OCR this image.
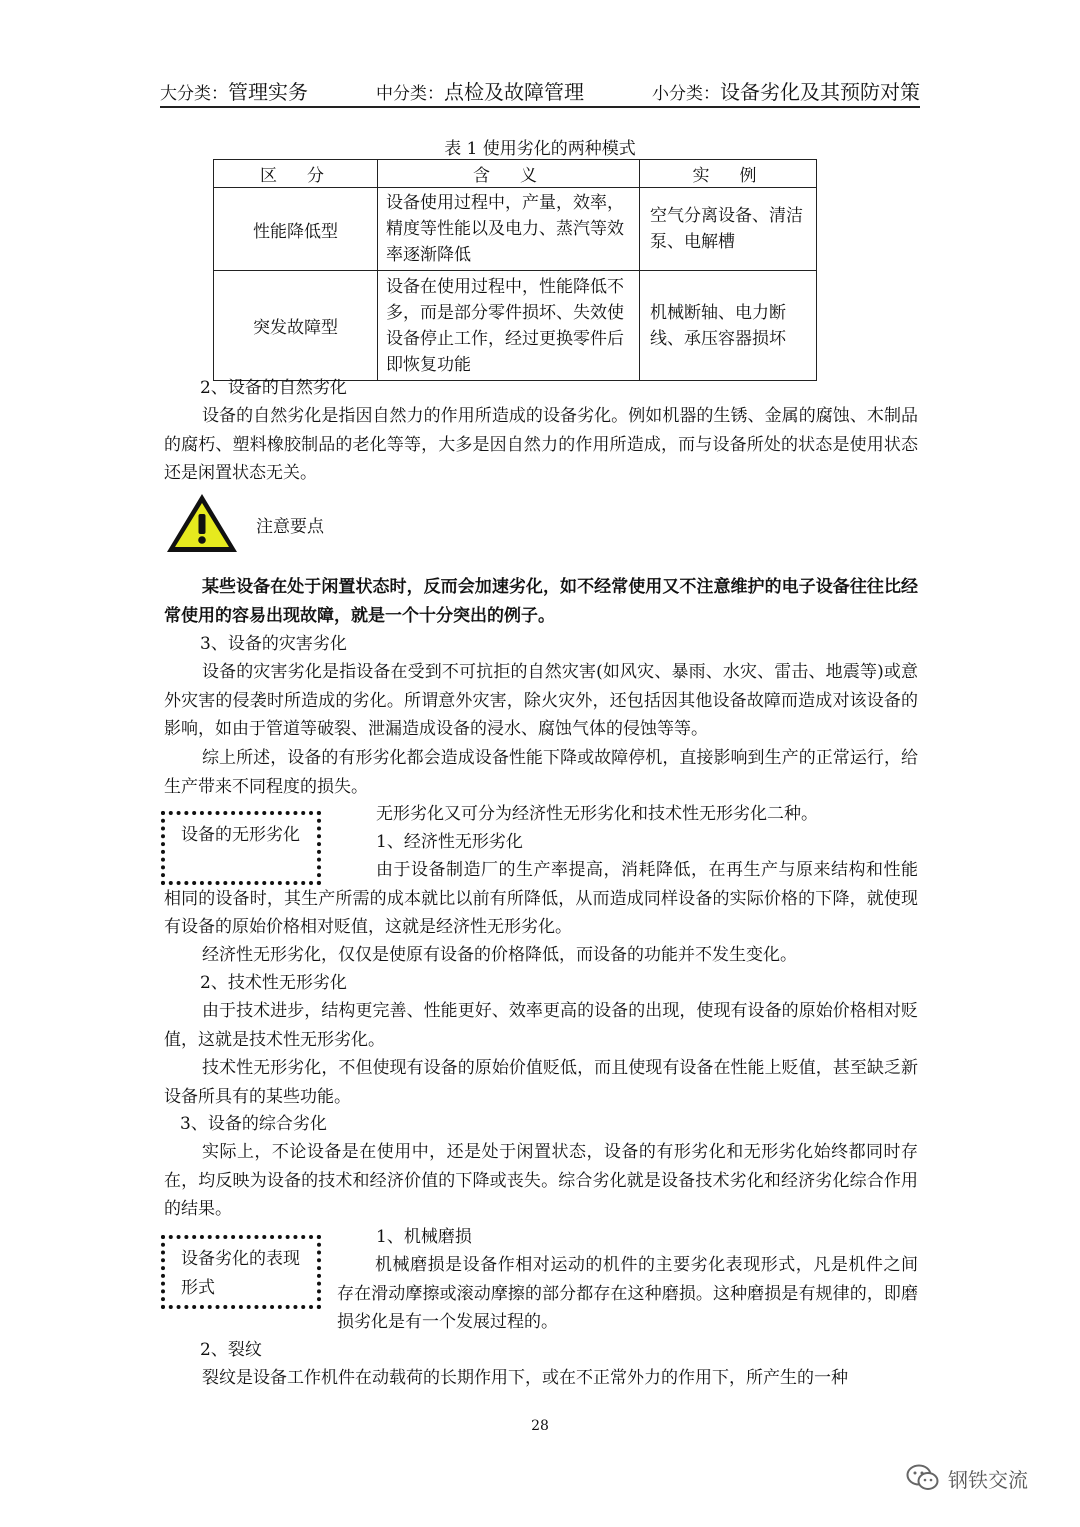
大分类：管理实务	中分类：点检及故障管理	小分类：设备劣化及其预防对策
表 1 使用劣化的两种模式
区分	含义	实例
性能降低型	设备使用过程中，产量，效率，精度等性能以及电力、蒸汽等效率逐渐降低	空气分离设备、清洁泵、电解槽
突发故障型	设备在使用过程中，性能降低不多，而是部分零件损坏、失效使设备停止工作，经过更换零件后即恢复功能	机械断轴、电力断线、承压容器损坏

2、设备的自然劣化

设备的自然劣化是指因自然力的作用所造成的设备劣化。例如机器的生锈、金属的腐蚀、木制品的腐朽、塑料橡胶制品的老化等等，大多是因自然力的作用所造成，而与设备所处的状态是使用状态还是闲置状态无关。

注意要点

某些设备在处于闲置状态时，反而会加速劣化，如不经常使用又不注意维护的电子设备往往比经常使用的容易出现故障，就是一个十分突出的例子。

3、设备的灾害劣化

设备的灾害劣化是指设备在受到不可抗拒的自然灾害(如风灾、暴雨、水灾、雷击、地震等)或意外灾害的侵袭时所造成的劣化。所谓意外灾害，除火灾外，还包括因其他设备故障而造成对该设备的影响，如由于管道等破裂、泄漏造成设备的浸水、腐蚀气体的侵蚀等等。

综上所述，设备的有形劣化都会造成设备性能下降或故障停机，直接影响到生产的正常运行，给生产带来不同程度的损失。

设备的无形劣化

无形劣化又可分为经济性无形劣化和技术性无形劣化二种。

1、经济性无形劣化

由于设备制造厂的生产率提高，消耗降低，在再生产与原来结构和性能相同的设备时，其生产所需的成本就比以前有所降低，从而造成同样设备的实际价格的下降，就使现有设备的原始价格相对贬值，这就是经济性无形劣化。

经济性无形劣化，仅仅是使原有设备的价格降低，而设备的功能并不发生变化。

2、技术性无形劣化

由于技术进步，结构更完善、性能更好、效率更高的设备的出现，使现有设备的原始价格相对贬值，这就是技术性无形劣化。

技术性无形劣化，不但使现有设备的原始价值贬低，而且使现有设备在性能上贬值，甚至缺乏新设备所具有的某些功能。

3、设备的综合劣化

实际上，不论设备是在使用中，还是处于闲置状态，设备的有形劣化和无形劣化始终都同时存在，均反映为设备的技术和经济价值的下降或丧失。综合劣化就是设备技术劣化和经济劣化综合作用的结果。

设备劣化的表现形式

1、机械磨损

机械磨损是设备作相对运动的机件的主要劣化表现形式，凡是机件之间存在滑动摩擦或滚动摩擦的部分都存在这种磨损。这种磨损是有规律的，即磨损劣化是有一个发展过程的。

2、裂纹

裂纹是设备工作机件在动载荷的长期作用下，或在不正常外力的作用下，所产生的一种

28
钢铁交流
